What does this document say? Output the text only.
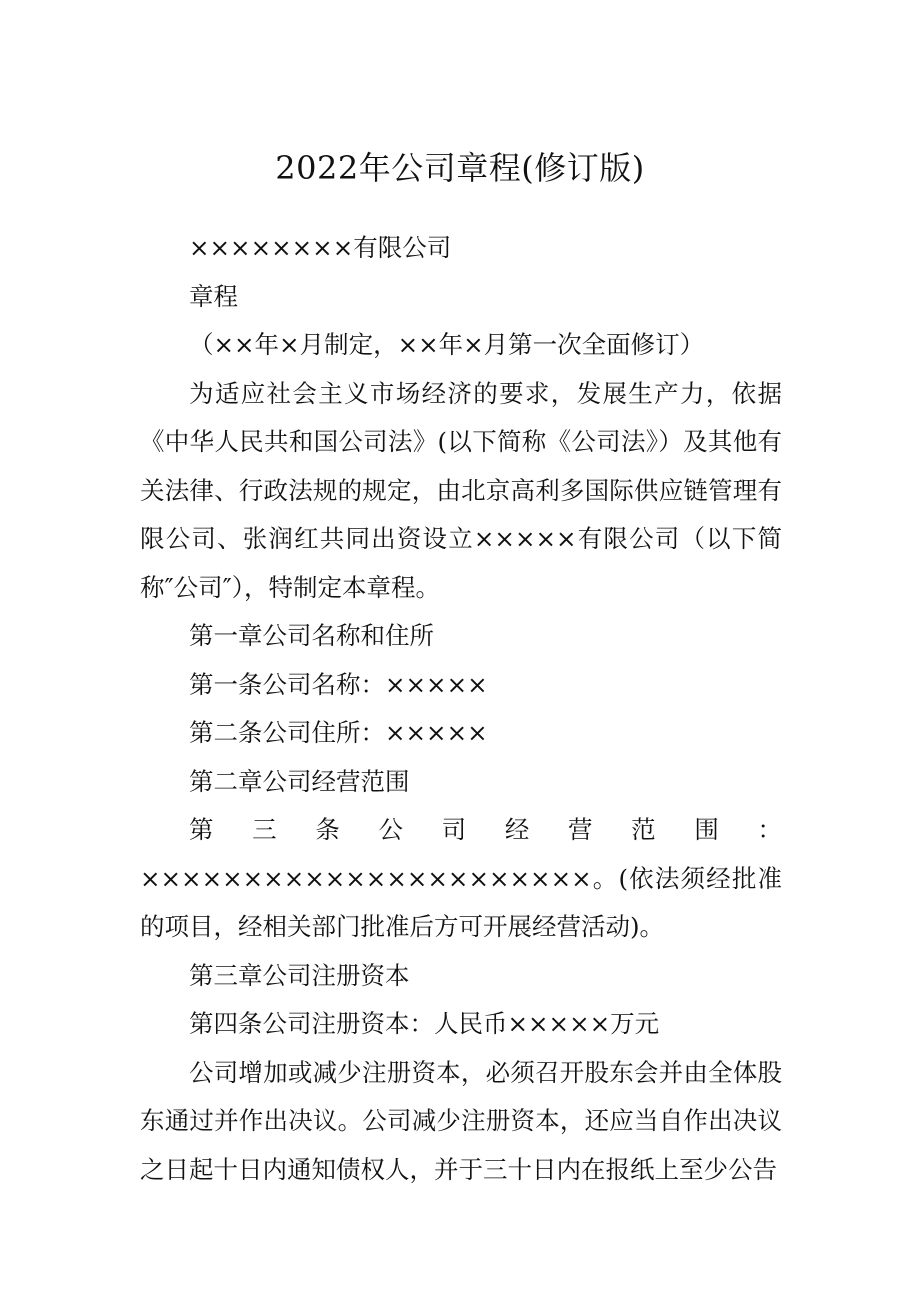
2022年公司章程(修订版)

××××××××有限公司

章程

（××年×月制定，××年×月第一次全面修订）

为适应社会主义市场经济的要求，发展生产力，依据《中华人民共和国公司法》(以下简称《公司法》）及其他有关法律、行政法规的规定，由北京高利多国际供应链管理有限公司、张润红共同出资设立×××××有限公司（以下简称″公司″），特制定本章程。

第一章公司名称和住所

第一条公司名称：×××××

第二条公司住所：×××××

第二章公司经营范围

第三条公司经营范围：

××××××××××××××××××××××。(依法须经批准的项目，经相关部门批准后方可开展经营活动)。

第三章公司注册资本

第四条公司注册资本：人民币×××××万元

公司增加或减少注册资本，必须召开股东会并由全体股东通过并作出决议。公司减少注册资本，还应当自作出决议之日起十日内通知债权人，并于三十日内在报纸上至少公告
